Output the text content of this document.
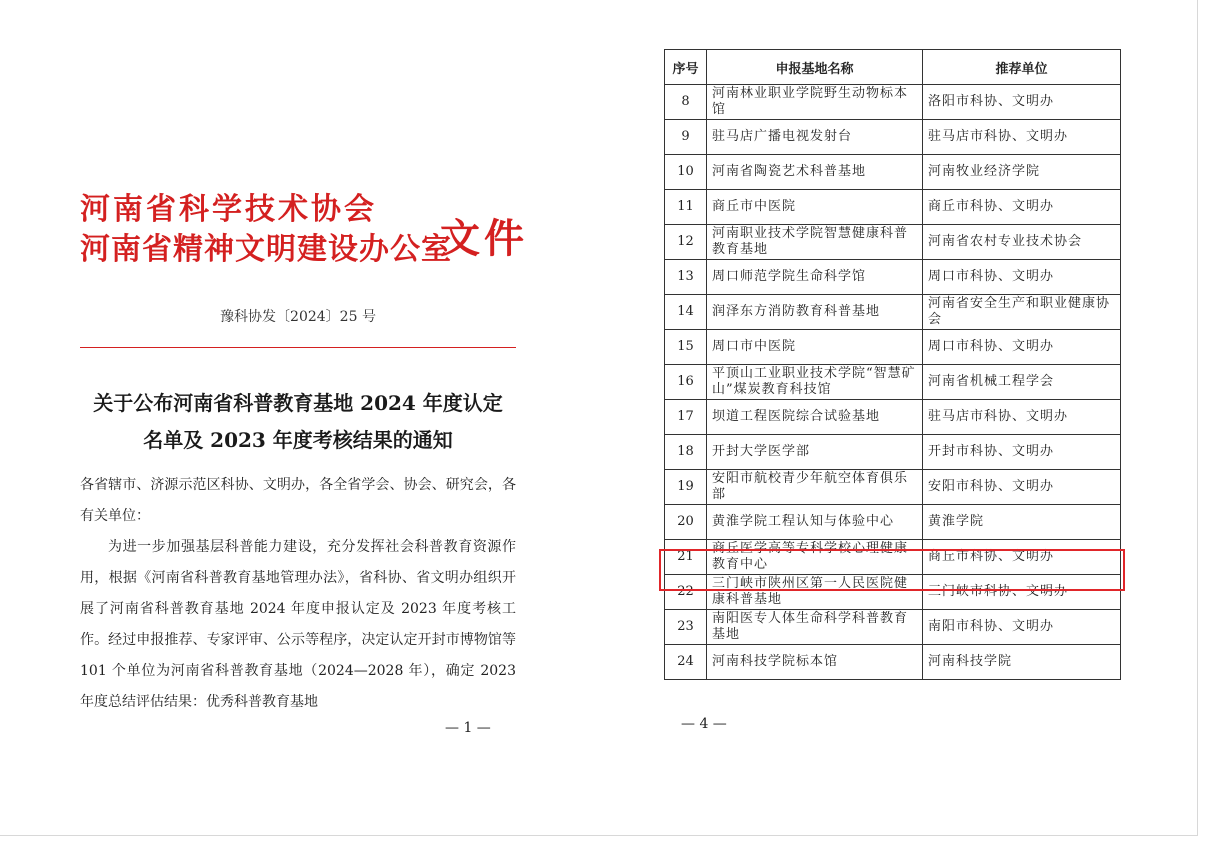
河南省科学技术协会
河南省精神文明建设办公室
文件
豫科协发〔2024〕25 号
关于公布河南省科普教育基地 2024 年度认定
名单及 2023 年度考核结果的通知

各省辖市、济源示范区科协、文明办，各全省学会、协会、研究会，各有关单位：

为进一步加强基层科普能力建设，充分发挥社会科普教育资源作用，根据《河南省科普教育基地管理办法》，省科协、省文明办组织开展了河南省科普教育基地 2024 年度申报认定及 2023 年度考核工作。经过申报推荐、专家评审、公示等程序，决定认定开封市博物馆等 101 个单位为河南省科普教育基地（2024—2028 年），确定 2023 年度总结评估结果：优秀科普教育基地

— 1 —
序号	申报基地名称	推荐单位
8	河南林业职业学院野生动物标本馆	洛阳市科协、文明办
9	驻马店广播电视发射台	驻马店市科协、文明办
10	河南省陶瓷艺术科普基地	河南牧业经济学院
11	商丘市中医院	商丘市科协、文明办
12	河南职业技术学院智慧健康科普教育基地	河南省农村专业技术协会
13	周口师范学院生命科学馆	周口市科协、文明办
14	润泽东方消防教育科普基地	河南省安全生产和职业健康协会
15	周口市中医院	周口市科协、文明办
16	平顶山工业职业技术学院“智慧矿山”煤炭教育科技馆	河南省机械工程学会
17	坝道工程医院综合试验基地	驻马店市科协、文明办
18	开封大学医学部	开封市科协、文明办
19	安阳市航校青少年航空体育俱乐部	安阳市科协、文明办
20	黄淮学院工程认知与体验中心	黄淮学院
21	商丘医学高等专科学校心理健康教育中心	商丘市科协、文明办
22	三门峡市陕州区第一人民医院健康科普基地	三门峡市科协、文明办
23	南阳医专人体生命科学科普教育基地	南阳市科协、文明办
24	河南科技学院标本馆	河南科技学院
— 4 —
